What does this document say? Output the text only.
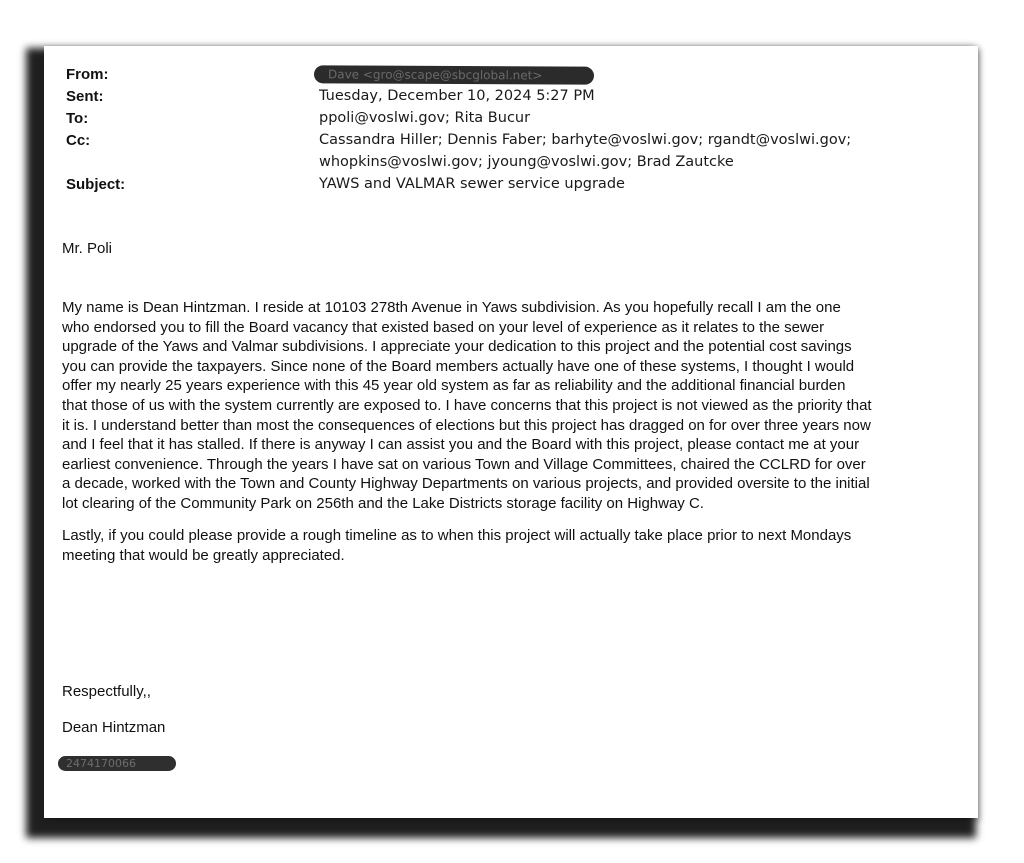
From:	Dave <gro@scape@sbcglobal.net>
Sent:	Tuesday, December 10, 2024 5:27 PM
To:	ppoli@voslwi.gov; Rita Bucur
Cc:	Cassandra Hiller; Dennis Faber; barhyte@voslwi.gov; rgandt@voslwi.gov;
whopkins@voslwi.gov; jyoung@voslwi.gov; Brad Zautcke
Subject:	YAWS and VALMAR sewer service upgrade
Mr. Poli
My name is Dean Hintzman. I reside at 10103 278th Avenue in Yaws subdivision. As you hopefully recall I am the one
who endorsed you to fill the Board vacancy that existed based on your level of experience as it relates to the sewer
upgrade of the Yaws and Valmar subdivisions. I appreciate your dedication to this project and the potential cost savings
you can provide the taxpayers. Since none of the Board members actually have one of these systems, I thought I would
offer my nearly 25 years experience with this 45 year old system as far as reliability and the additional financial burden
that those of us with the system currently are exposed to. I have concerns that this project is not viewed as the priority that
it is. I understand better than most the consequences of elections but this project has dragged on for over three years now
and I feel that it has stalled. If there is anyway I can assist you and the Board with this project, please contact me at your
earliest convenience. Through the years I have sat on various Town and Village Committees, chaired the CCLRD for over
a decade, worked with the Town and County Highway Departments on various projects, and provided oversite to the initial
lot clearing of the Community Park on 256th and the Lake Districts storage facility on Highway C.
Lastly, if you could please provide a rough timeline as to when this project will actually take place prior to next Mondays
meeting that would be greatly appreciated.
Respectfully,,
Dean Hintzman
2474170066
